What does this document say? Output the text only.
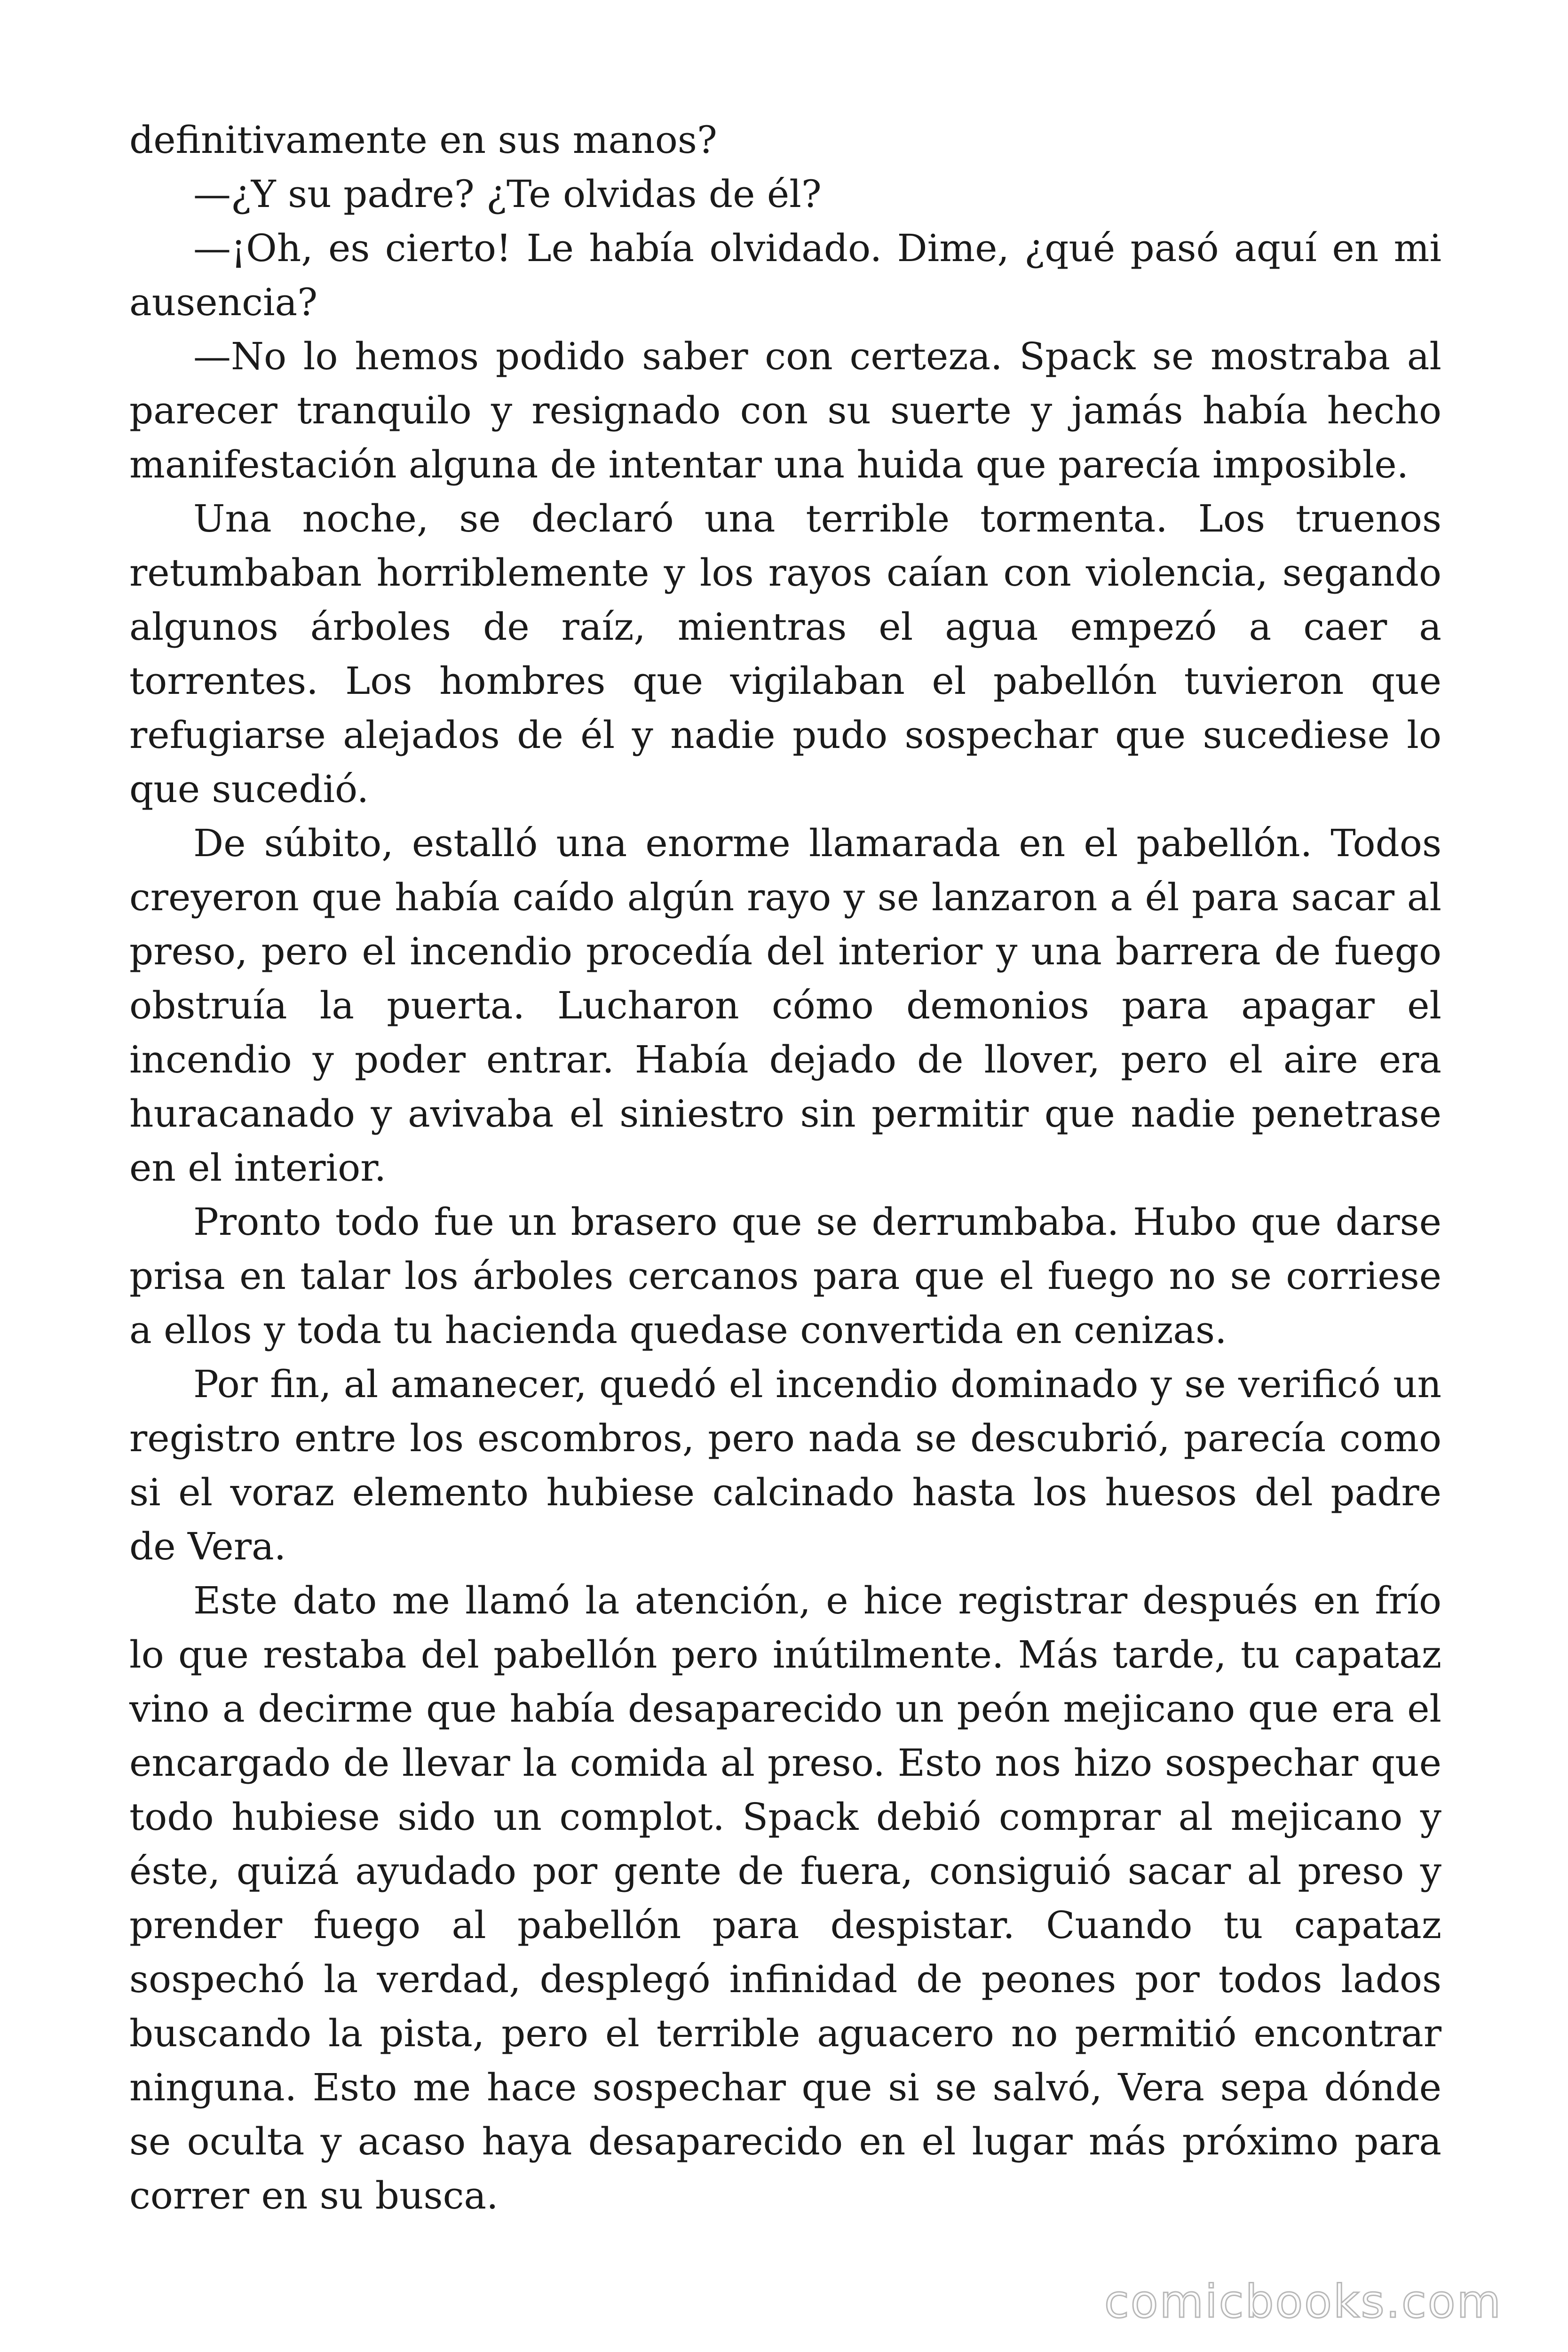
definitivamente en sus manos?

—¿Y su padre? ¿Te olvidas de él?

—¡Oh, es cierto! Le había olvidado. Dime, ¿qué pasó aquí en mi ausencia?

—No lo hemos podido saber con certeza. Spack se mostraba al parecer tranquilo y resignado con su suerte y jamás había hecho manifestación alguna de intentar una huida que parecía imposible.

Una noche, se declaró una terrible tormenta. Los truenos retumbaban horriblemente y los rayos caían con violencia, segando algunos árboles de raíz, mientras el agua empezó a caer a torrentes. Los hombres que vigilaban el pabellón tuvieron que refugiarse alejados de él y nadie pudo sospechar que sucediese lo que sucedió.

De súbito, estalló una enorme llamarada en el pabellón. Todos creyeron que había caído algún rayo y se lanzaron a él para sacar al preso, pero el incendio procedía del interior y una barrera de fuego obstruía la puerta. Lucharon cómo demonios para apagar el incendio y poder entrar. Había dejado de llover, pero el aire era huracanado y avivaba el siniestro sin permitir que nadie penetrase en el interior.

Pronto todo fue un brasero que se derrumbaba. Hubo que darse prisa en talar los árboles cercanos para que el fuego no se corriese a ellos y toda tu hacienda quedase convertida en cenizas.

Por fin, al amanecer, quedó el incendio dominado y se verificó un registro entre los escombros, pero nada se descubrió, parecía como si el voraz elemento hubiese calcinado hasta los huesos del padre de Vera.

Este dato me llamó la atención, e hice registrar después en frío lo que restaba del pabellón pero inútilmente. Más tarde, tu capataz vino a decirme que había desaparecido un peón mejicano que era el encargado de llevar la comida al preso. Esto nos hizo sospechar que todo hubiese sido un complot. Spack debió comprar al mejicano y éste, quizá ayudado por gente de fuera, consiguió sacar al preso y prender fuego al pabellón para despistar. Cuando tu capataz sospechó la verdad, desplegó infinidad de peones por todos lados buscando la pista, pero el terrible aguacero no permitió encontrar ninguna. Esto me hace sospechar que si se salvó, Vera sepa dónde se oculta y acaso haya desaparecido en el lugar más próximo para correr en su busca.

comicbooks.com
